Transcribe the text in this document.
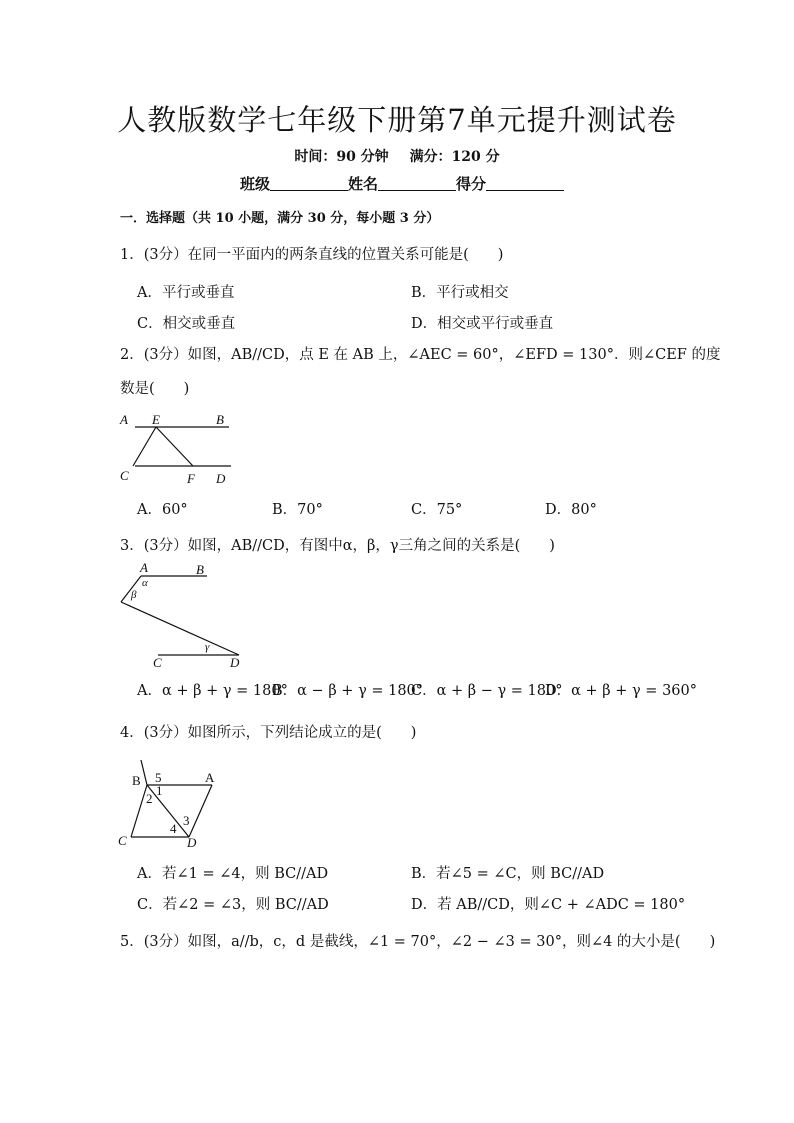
人教版数学七年级下册第7单元提升测试卷
时间：90 分钟 满分：120 分
班级	姓名	得分
一．选择题（共 10 小题，满分 30 分，每小题 3 分）
1．(3分）在同一平面内的两条直线的位置关系可能是(　　)
A．平行或垂直	B．平行或相交
C．相交或垂直	D．相交或平行或垂直
2．(3分）如图，AB//CD，点 E 在 AB 上，∠AEC = 60°，∠EFD = 130°．则∠CEF 的度
数是(　　)
A E	B
C	F D
A．60°	B．70°	C．75°	D．80°
3．(3分）如图，AB//CD，有图中α，β，γ三角之间的关系是(　　)
A	B
α
β
γ
C	D
A．α + β + γ = 180°
B．α − β + γ = 180°
C．α + β − γ = 180°
D．α + β + γ = 360°
4．(3分）如图所示，下列结论成立的是(　　)
B 5	A
1
2
3
4
C	D
A．若∠1 = ∠4，则 BC//AD	B．若∠5 = ∠C，则 BC//AD
C．若∠2 = ∠3，则 BC//AD	D．若 AB//CD，则∠C + ∠ADC = 180°
5．(3分）如图，a//b，c，d 是截线，∠1 = 70°，∠2 − ∠3 = 30°，则∠4 的大小是(　　)
